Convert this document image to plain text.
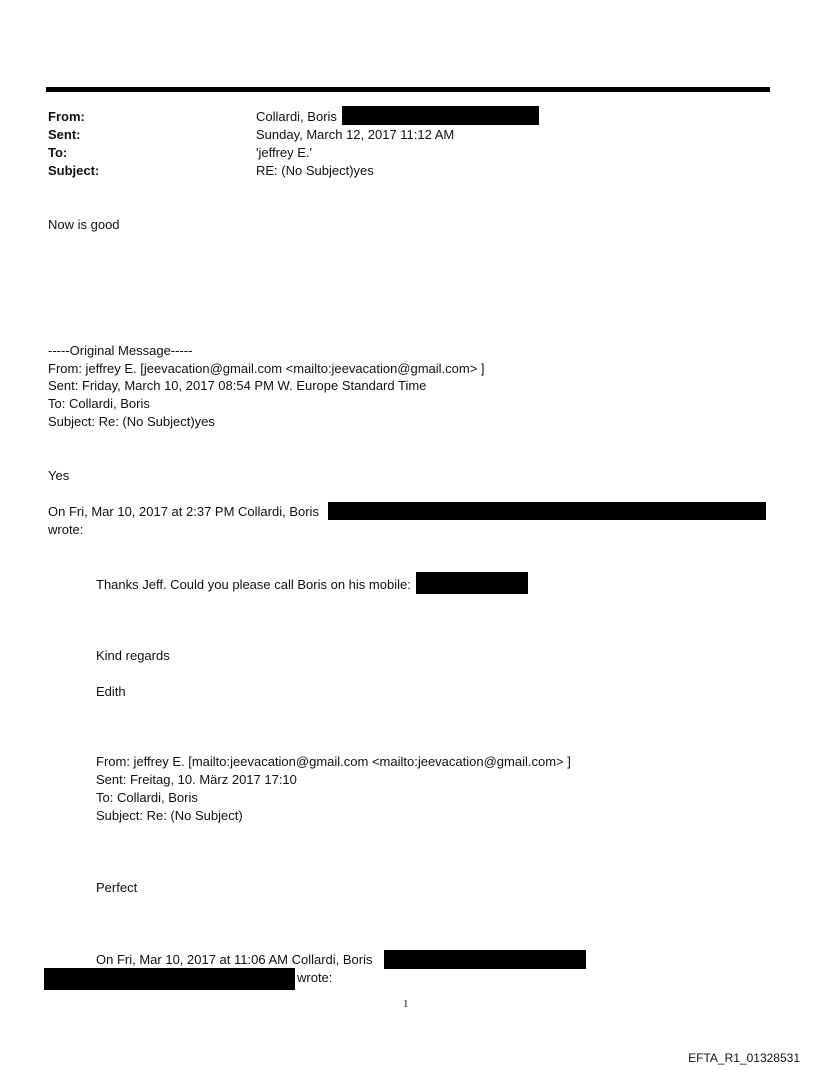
From:	Collardi, Boris
Sent:	Sunday, March 12, 2017 11:12 AM
To:	'jeffrey E.'
Subject:	RE: (No Subject)yes
Now is good
-----Original Message-----
From: jeffrey E. [jeevacation@gmail.com <mailto:jeevacation@gmail.com> ]
Sent: Friday, March 10, 2017 08:54 PM W. Europe Standard Time
To: Collardi, Boris
Subject: Re: (No Subject)yes
Yes
On Fri, Mar 10, 2017 at 2:37 PM Collardi, Boris
wrote:
Thanks Jeff. Could you please call Boris on his mobile:
Kind regards
Edith
From: jeffrey E. [mailto:jeevacation@gmail.com <mailto:jeevacation@gmail.com> ]
Sent: Freitag, 10. März 2017 17:10
To: Collardi, Boris
Subject: Re: (No Subject)
Perfect
On Fri, Mar 10, 2017 at 11:06 AM Collardi, Boris
wrote:
1
EFTA_R1_01328531
